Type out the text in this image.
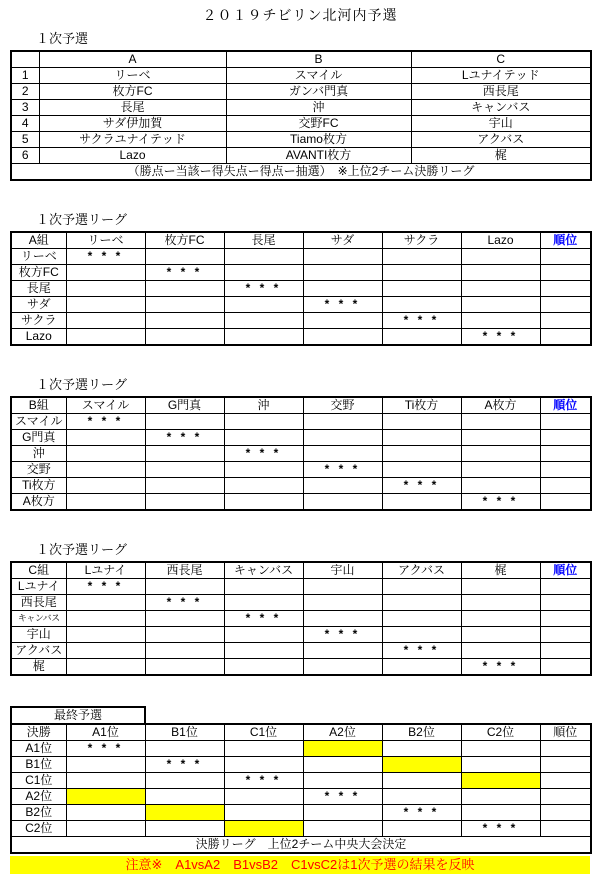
２０１９チビリン北河内予選
１次予選
	A	B	C
1	リーベ	スマイル	Lユナイテッド
2	枚方FC	ガンバ門真	西長尾
3	長尾	沖	キャンバス
4	サダ伊加賀	交野FC	宇山
5	サクラユナイテッド	Tiamo枚方	アクバス
6	Lazo	AVANTI枚方	梶
（勝点ー当該ー得失点ー得点ー抽選）　※上位2チーム決勝リーグ			
１次予選リーグ
A組	リーベ	枚方FC	長尾	サダ	サクラ	Lazo	順位
リーベ	* * *						
枚方FC		* * *					
長尾			* * *				
サダ				* * *			
サクラ					* * *		
Lazo						* * *	
１次予選リーグ
B組	スマイル	G門真	沖	交野	Ti枚方	A枚方	順位
スマイル	* * *						
G門真		* * *					
沖			* * *				
交野				* * *			
Ti枚方					* * *		
A枚方						* * *	
１次予選リーグ
C組	Lユナイ	西長尾	キャンバス	宇山	アクバス	梶	順位
Lユナイ	* * *						
西長尾		* * *					
キャンバス			* * *				
宇山				* * *			
アクバス					* * *		
梶						* * *	
最終予選							
決勝	A1位	B1位	C1位	A2位	B2位	C2位	順位
A1位	* * *						
B1位		* * *					
C1位			* * *				
A2位				* * *			
B2位					* * *		
C2位						* * *	
決勝リーグ　上位2チーム中央大会決定							
注意※　A1vsA2　B1vsB2　C1vsC2は1次予選の結果を反映
